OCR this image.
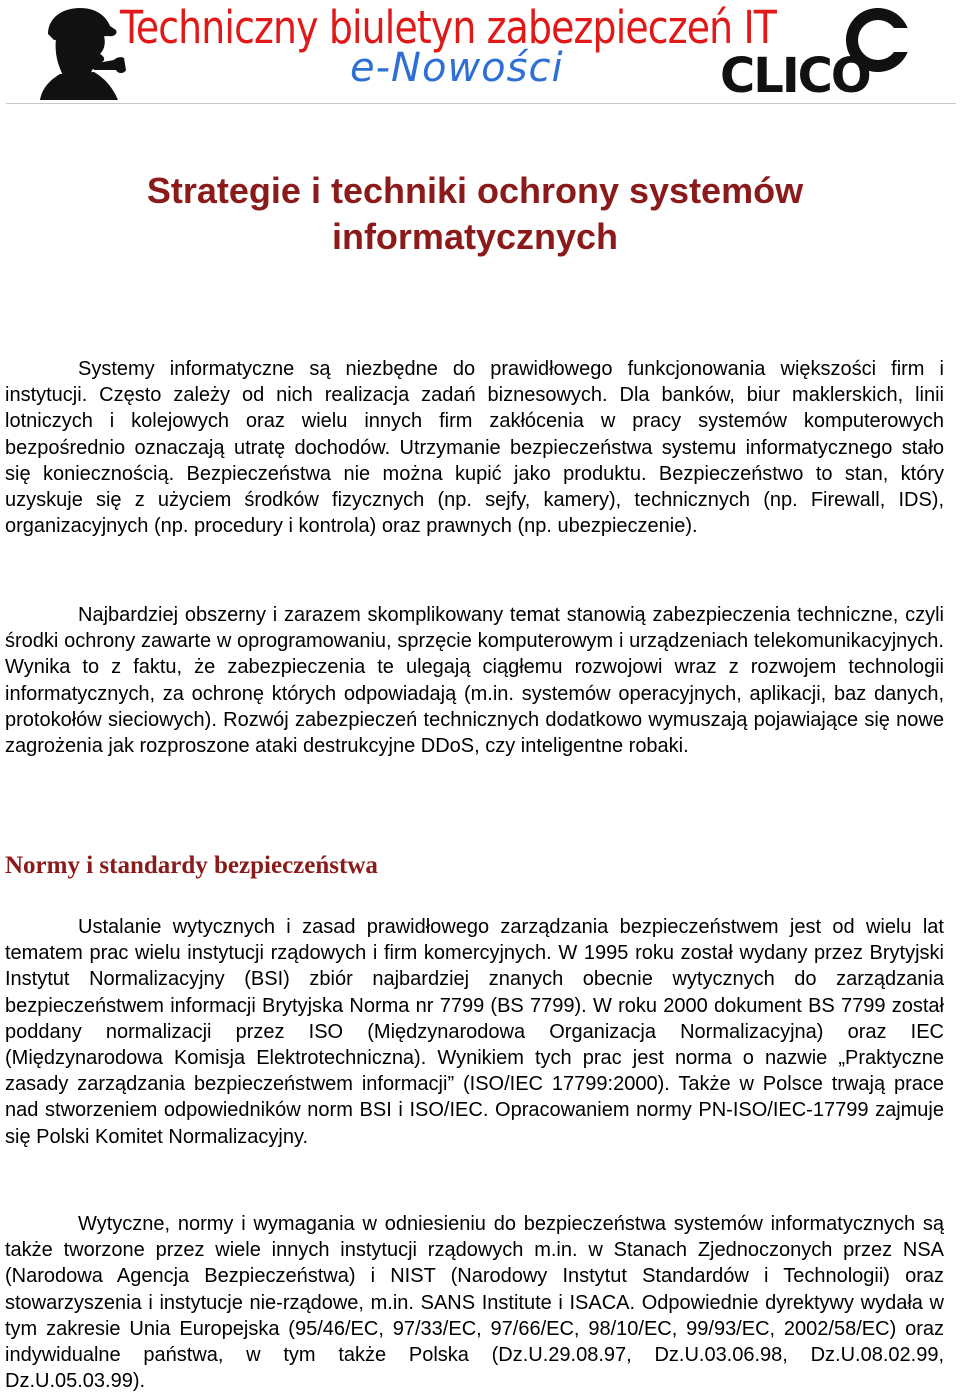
Techniczny biuletyn zabezpieczeń IT
e-Nowości	CLICO
Strategie i techniki ochrony systemów informatycznych

Systemy informatyczne są niezbędne do prawidłowego funkcjonowania większości firm i instytucji. Często zależy od nich realizacja zadań biznesowych. Dla banków, biur maklerskich, linii lotniczych i kolejowych oraz wielu innych firm zakłócenia w pracy systemów komputerowych bezpośrednio oznaczają utratę dochodów. Utrzymanie bezpieczeństwa systemu informatycznego stało się koniecznością. Bezpieczeństwa nie można kupić jako produktu. Bezpieczeństwo to stan, który uzyskuje się z użyciem środków fizycznych (np. sejfy, kamery), technicznych (np. Firewall, IDS), organizacyjnych (np. procedury i kontrola) oraz prawnych (np. ubezpieczenie).

Najbardziej obszerny i zarazem skomplikowany temat stanowią zabezpieczenia techniczne, czyli środki ochrony zawarte w oprogramowaniu, sprzęcie komputerowym i urządzeniach telekomunikacyjnych. Wynika to z faktu, że zabezpieczenia te ulegają ciągłemu rozwojowi wraz z rozwojem technologii informatycznych, za ochronę których odpowiadają (m.in. systemów operacyjnych, aplikacji, baz danych, protokołów sieciowych). Rozwój zabezpieczeń technicznych dodatkowo wymuszają pojawiające się nowe zagrożenia jak rozproszone ataki destrukcyjne DDoS, czy inteligentne robaki.

Normy i standardy bezpieczeństwa

Ustalanie wytycznych i zasad prawidłowego zarządzania bezpieczeństwem jest od wielu lat tematem prac wielu instytucji rządowych i firm komercyjnych. W 1995 roku został wydany przez Brytyjski Instytut Normalizacyjny (BSI) zbiór najbardziej znanych obecnie wytycznych do zarządzania bezpieczeństwem informacji Brytyjska Norma nr 7799 (BS 7799). W roku 2000 dokument BS 7799 został poddany normalizacji przez ISO (Międzynarodowa Organizacja Normalizacyjna) oraz IEC (Międzynarodowa Komisja Elektrotechniczna). Wynikiem tych prac jest norma o nazwie „Praktyczne zasady zarządzania bezpieczeństwem informacji” (ISO/IEC 17799:2000). Także w Polsce trwają prace nad stworzeniem odpowiedników norm BSI i ISO/IEC. Opracowaniem normy PN-ISO/IEC-17799 zajmuje się Polski Komitet Normalizacyjny.

Wytyczne, normy i wymagania w odniesieniu do bezpieczeństwa systemów informatycznych są także tworzone przez wiele innych instytucji rządowych m.in. w Stanach Zjednoczonych przez NSA (Narodowa Agencja Bezpieczeństwa) i NIST (Narodowy Instytut Standardów i Technologii) oraz stowarzyszenia i instytucje nie-rządowe, m.in. SANS Institute i ISACA. Odpowiednie dyrektywy wydała w tym zakresie Unia Europejska (95/46/EC, 97/33/EC, 97/66/EC, 98/10/EC, 99/93/EC, 2002/58/EC) oraz indywidualne państwa, w tym także Polska (Dz.U.29.08.97, Dz.U.03.06.98, Dz.U.08.02.99, Dz.U.05.03.99).
